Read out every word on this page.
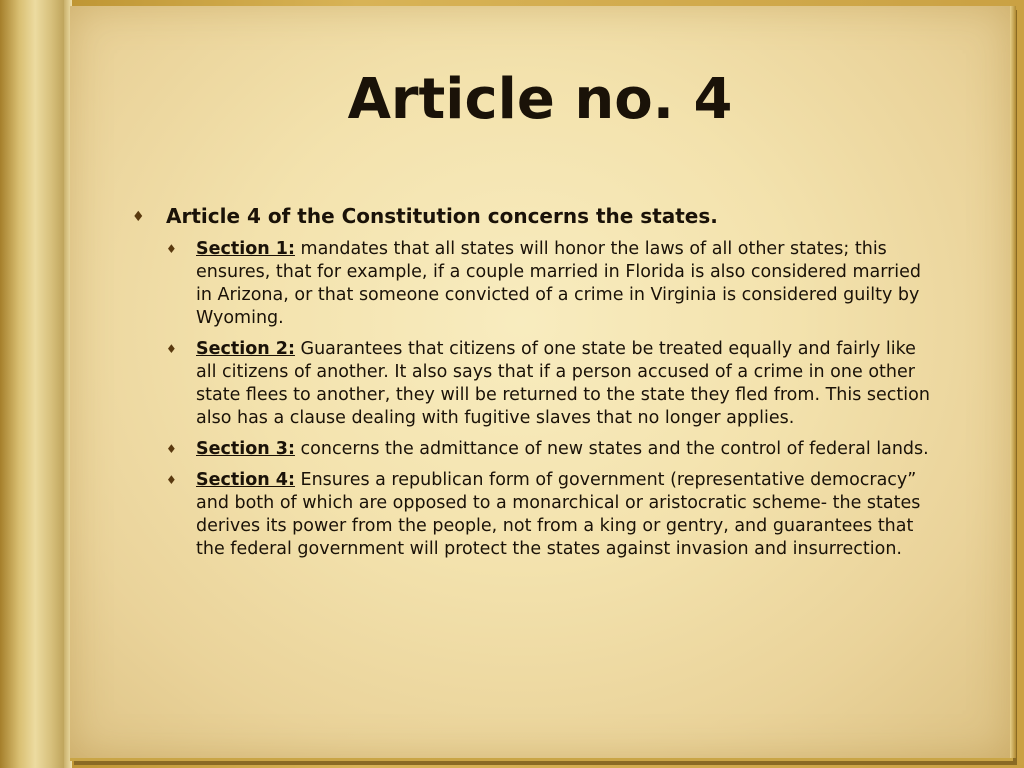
Article no. 4
♦	Article 4 of the Constitution concerns the states.
♦	Section 1: mandates that all states will honor the laws of all other states; this ensures, that for example, if a couple married in Florida is also considered married in Arizona, or that someone convicted of a crime in Virginia is considered guilty by Wyoming.
♦	Section 2: Guarantees that citizens of one state be treated equally and fairly like all citizens of another. It also says that if a person accused of a crime in one other state flees to another, they will be returned to the state they fled from. This section also has a clause dealing with fugitive slaves that no longer applies.
♦	Section 3: concerns the admittance of new states and the control of federal lands.
♦	Section 4: Ensures a republican form of government (representative democracy” and both of which are opposed to a monarchical or aristocratic scheme- the states derives its power from the people, not from a king or gentry, and guarantees that the federal government will protect the states against invasion and insurrection.
